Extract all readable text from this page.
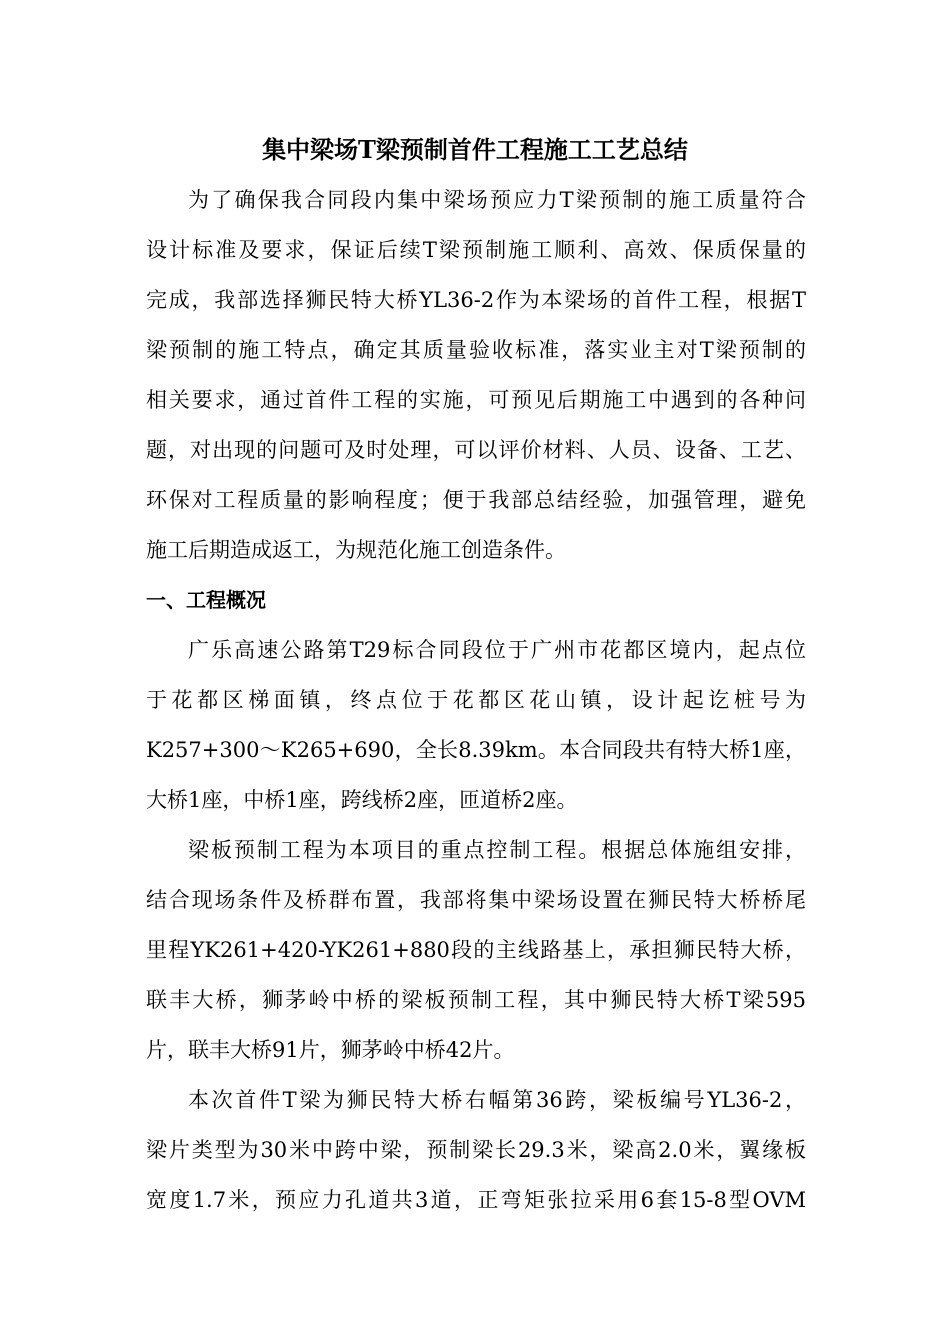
集中梁场T梁预制首件工程施工工艺总结
为了确保我合同段内集中梁场预应力T梁预制的施工质量符合
设计标准及要求，保证后续T梁预制施工顺利、高效、保质保量的
完成，我部选择狮民特大桥YL36-2作为本梁场的首件工程，根据T
梁预制的施工特点，确定其质量验收标准，落实业主对T梁预制的
相关要求，通过首件工程的实施，可预见后期施工中遇到的各种问
题，对出现的问题可及时处理，可以评价材料、人员、设备、工艺、
环保对工程质量的影响程度；便于我部总结经验，加强管理，避免
施工后期造成返工，为规范化施工创造条件。
一、工程概况
广乐高速公路第T29标合同段位于广州市花都区境内，起点位
于花都区梯面镇，终点位于花都区花山镇，设计起讫桩号为
K257+300～K265+690，全长8.39km。本合同段共有特大桥1座，
大桥1座，中桥1座，跨线桥2座，匝道桥2座。
梁板预制工程为本项目的重点控制工程。根据总体施组安排，
结合现场条件及桥群布置，我部将集中梁场设置在狮民特大桥桥尾
里程YK261+420-YK261+880段的主线路基上，承担狮民特大桥，
联丰大桥，狮茅岭中桥的梁板预制工程，其中狮民特大桥T梁595
片，联丰大桥91片，狮茅岭中桥42片。
本次首件T梁为狮民特大桥右幅第36跨，梁板编号YL36-2，
梁片类型为30米中跨中梁，预制梁长29.3米，梁高2.0米，翼缘板
宽度1.7米，预应力孔道共3道，正弯矩张拉采用6套15-8型OVM
